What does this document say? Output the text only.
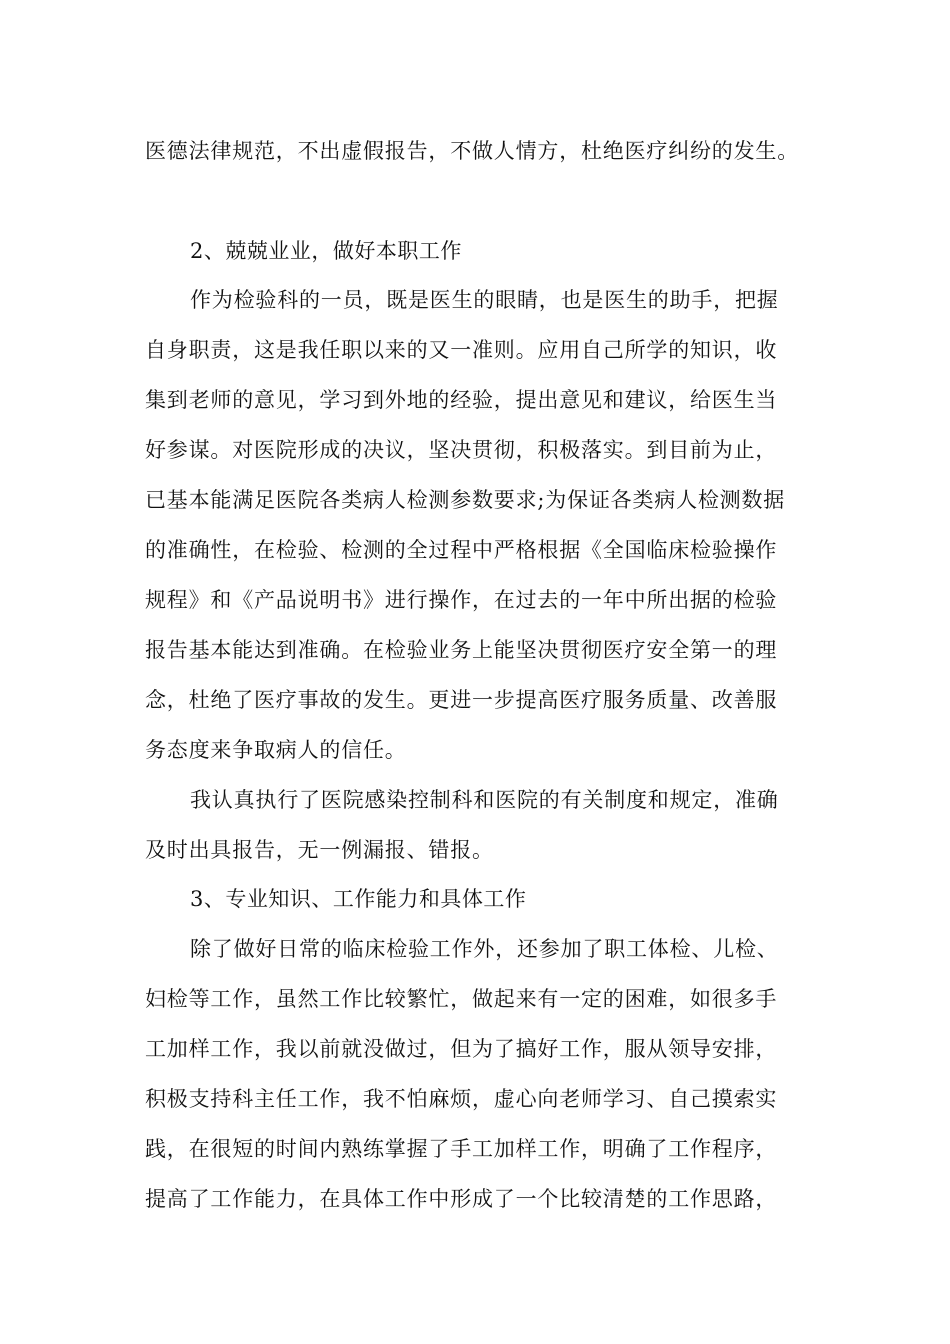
医德法律规范，不出虚假报告，不做人情方，杜绝医疗纠纷的发生。
2、兢兢业业，做好本职工作
作为检验科的一员，既是医生的眼睛，也是医生的助手，把握
自身职责，这是我任职以来的又一准则。应用自己所学的知识，收
集到老师的意见，学习到外地的经验，提出意见和建议，给医生当
好参谋。对医院形成的决议，坚决贯彻，积极落实。到目前为止，
已基本能满足医院各类病人检测参数要求;为保证各类病人检测数据
的准确性，在检验、检测的全过程中严格根据《全国临床检验操作
规程》和《产品说明书》进行操作，在过去的一年中所出据的检验
报告基本能达到准确。在检验业务上能坚决贯彻医疗安全第一的理
念，杜绝了医疗事故的发生。更进一步提高医疗服务质量、改善服
务态度来争取病人的信任。
我认真执行了医院感染控制科和医院的有关制度和规定，准确
及时出具报告，无一例漏报、错报。
3、专业知识、工作能力和具体工作
除了做好日常的临床检验工作外，还参加了职工体检、儿检、
妇检等工作，虽然工作比较繁忙，做起来有一定的困难，如很多手
工加样工作，我以前就没做过，但为了搞好工作，服从领导安排，
积极支持科主任工作，我不怕麻烦，虚心向老师学习、自己摸索实
践，在很短的时间内熟练掌握了手工加样工作，明确了工作程序，
提高了工作能力，在具体工作中形成了一个比较清楚的工作思路，
